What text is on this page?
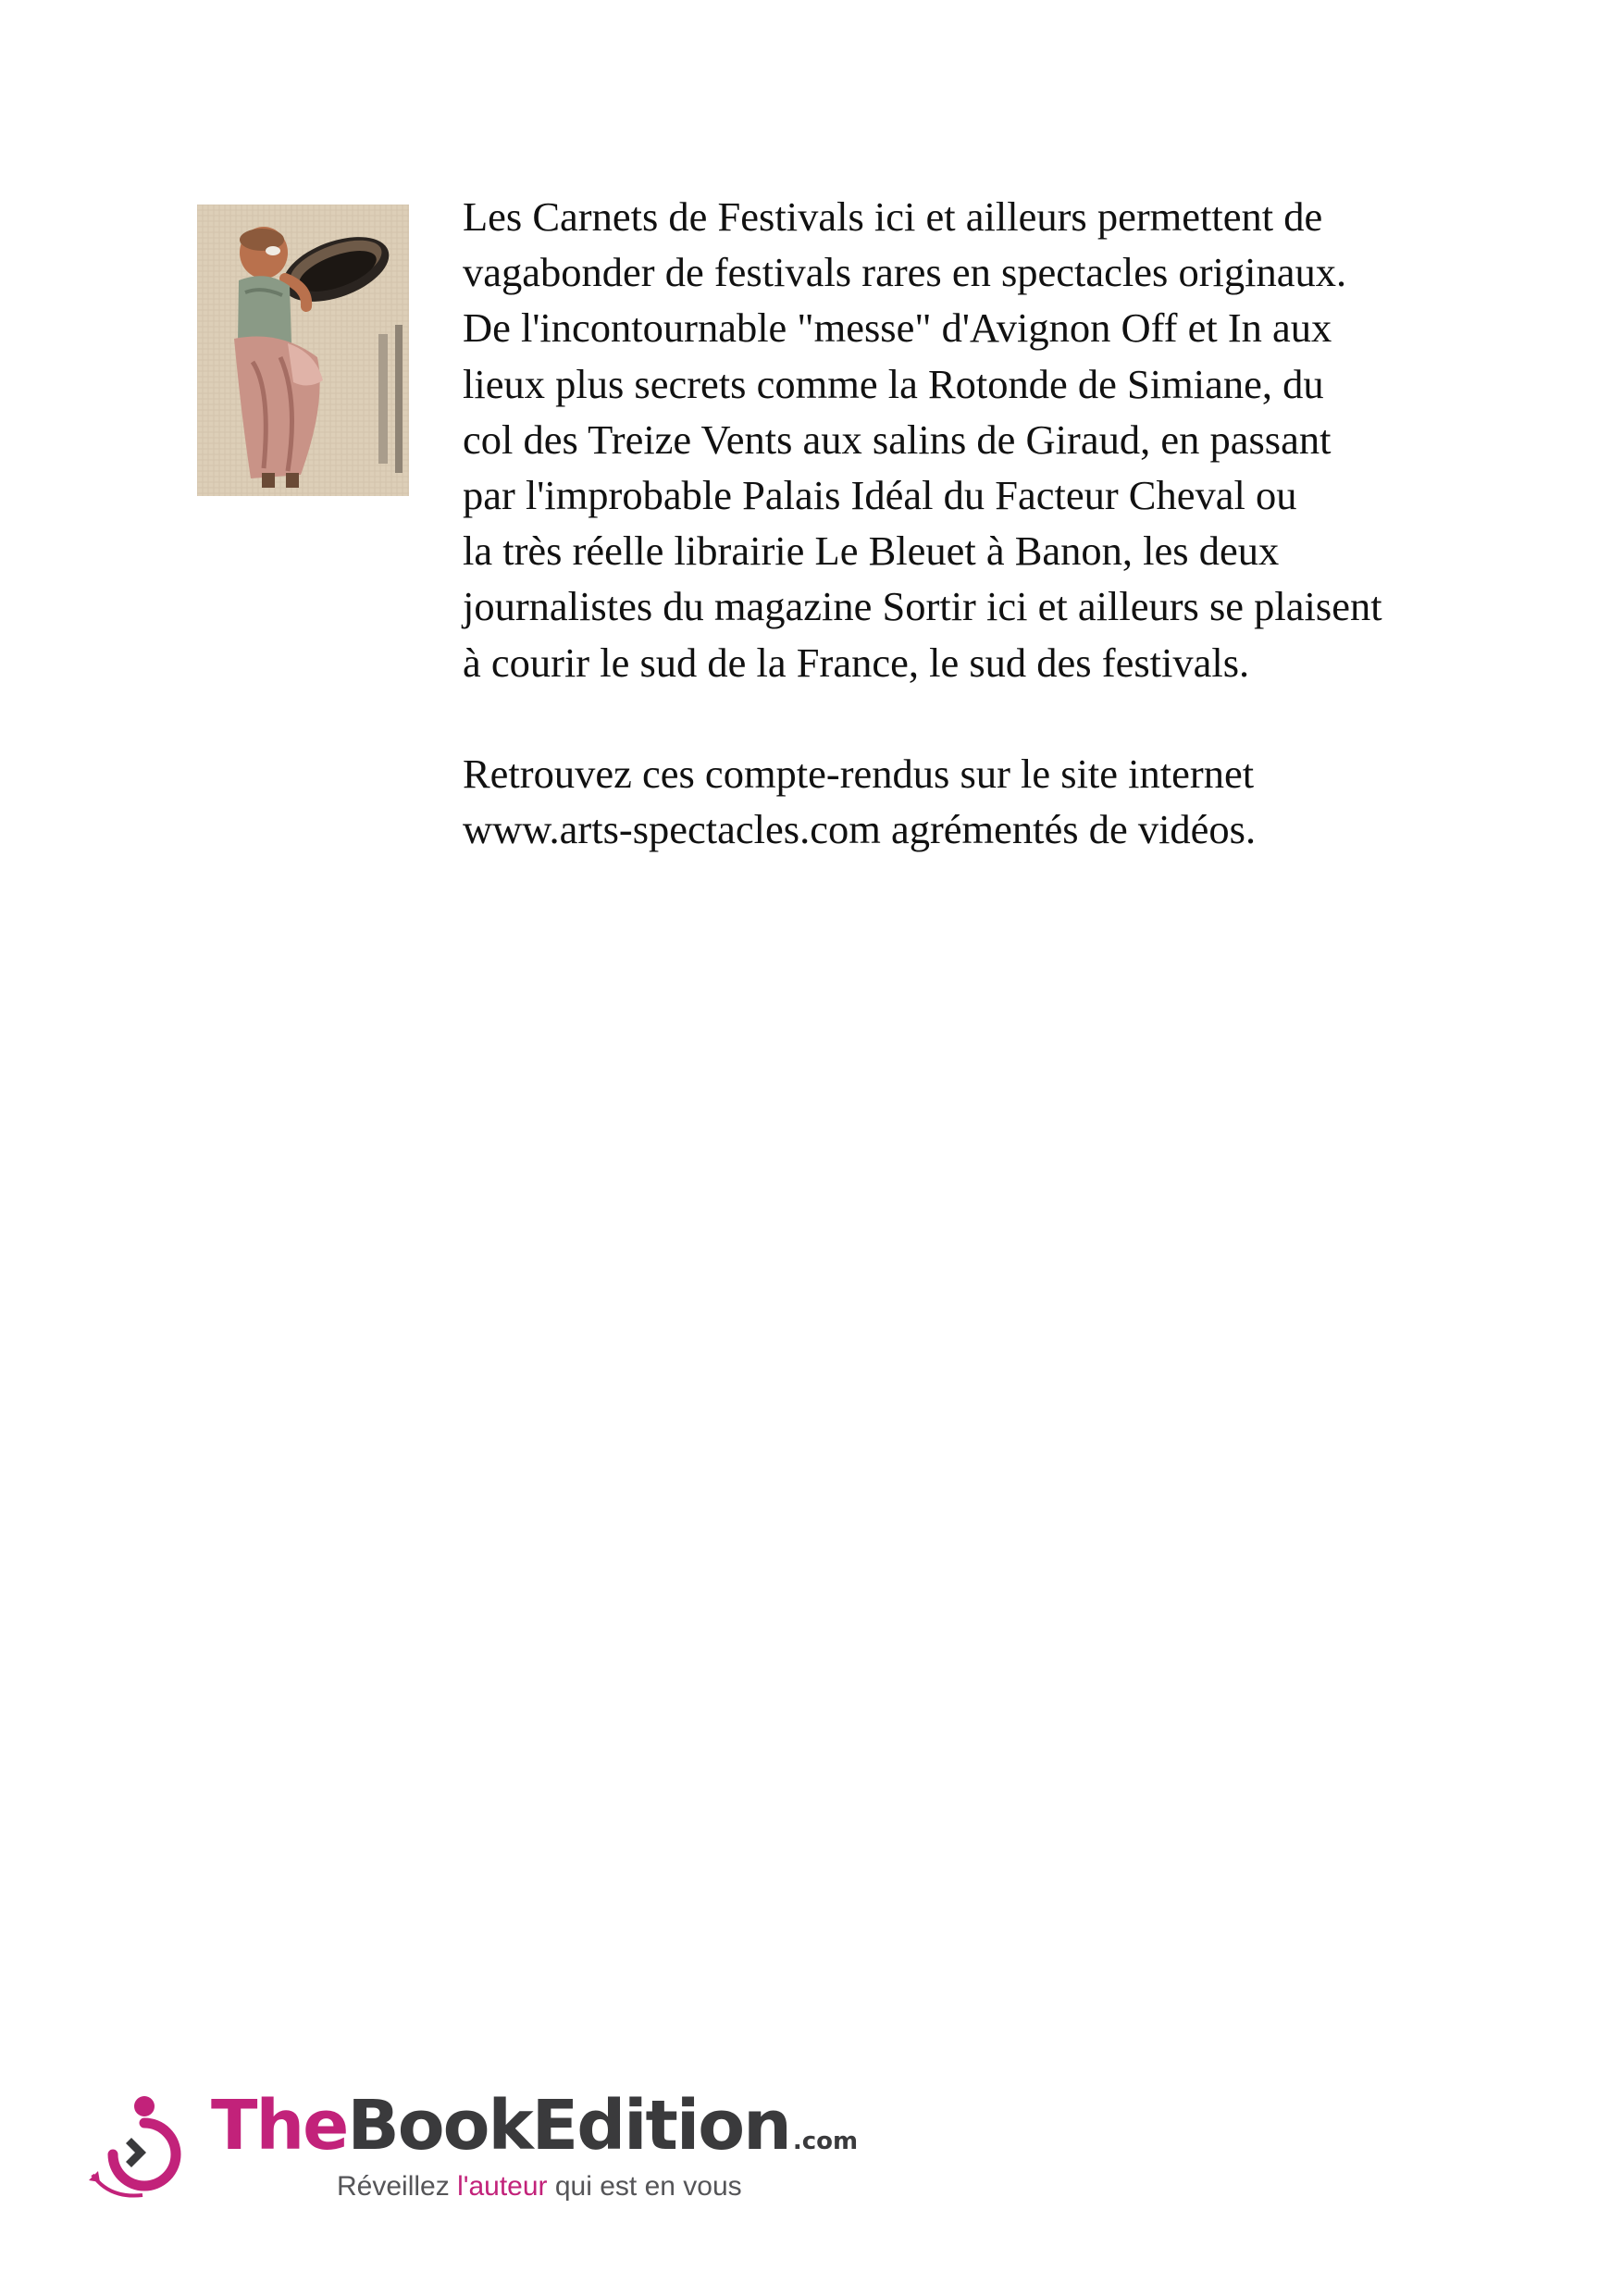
Les Carnets de Festivals ici et ailleurs permettent de
vagabonder de festivals rares en spectacles originaux.
De l'incontournable "messe" d'Avignon Off et In aux
lieux plus secrets comme la Rotonde de Simiane, du
col des Treize Vents aux salins de Giraud, en passant
par l'improbable Palais Idéal du Facteur Cheval ou
la très réelle librairie Le Bleuet à Banon, les deux
journalistes du magazine Sortir ici et ailleurs se plaisent
à courir le sud de la France, le sud des festivals.
Retrouvez ces compte-rendus sur le site internet
www.arts-spectacles.com agrémentés de vidéos.
TheBookEdition .com
Réveillez l'auteur qui est en vous
